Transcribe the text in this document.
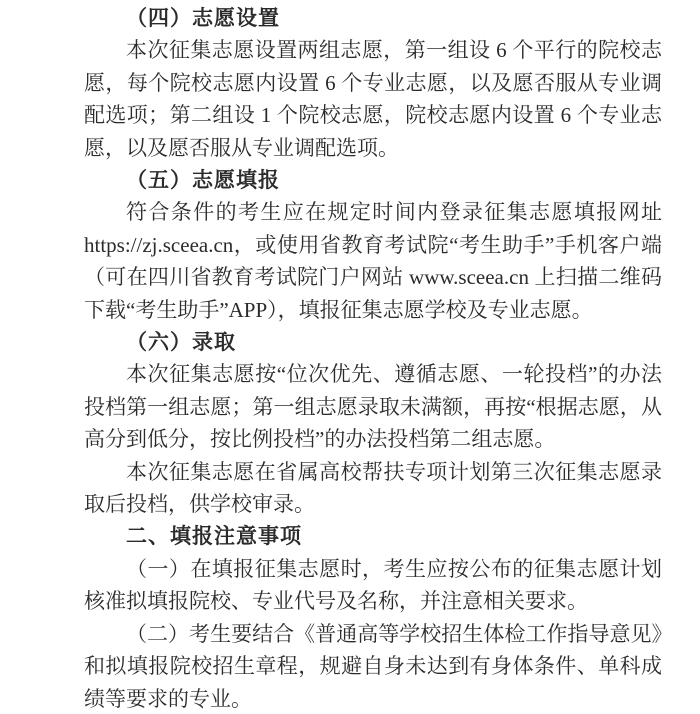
（四）志愿设置

本次征集志愿设置两组志愿，第一组设 6 个平行的院校志愿，每个院校志愿内设置 6 个专业志愿，以及愿否服从专业调配选项；第二组设 1 个院校志愿，院校志愿内设置 6 个专业志愿，以及愿否服从专业调配选项。

（五）志愿填报

符合条件的考生应在规定时间内登录征集志愿填报网址 https://zj.sceea.cn，或使用省教育考试院“考生助手”手机客户端（可在四川省教育考试院门户网站 www.sceea.cn 上扫描二维码下载“考生助手”APP），填报征集志愿学校及专业志愿。

（六）录取

本次征集志愿按“位次优先、遵循志愿、一轮投档”的办法投档第一组志愿；第一组志愿录取未满额，再按“根据志愿，从高分到低分，按比例投档”的办法投档第二组志愿。

本次征集志愿在省属高校帮扶专项计划第三次征集志愿录取后投档，供学校审录。

二、填报注意事项

（一）在填报征集志愿时，考生应按公布的征集志愿计划核准拟填报院校、专业代号及名称，并注意相关要求。

（二）考生要结合《普通高等学校招生体检工作指导意见》和拟填报院校招生章程，规避自身未达到有身体条件、单科成绩等要求的专业。
